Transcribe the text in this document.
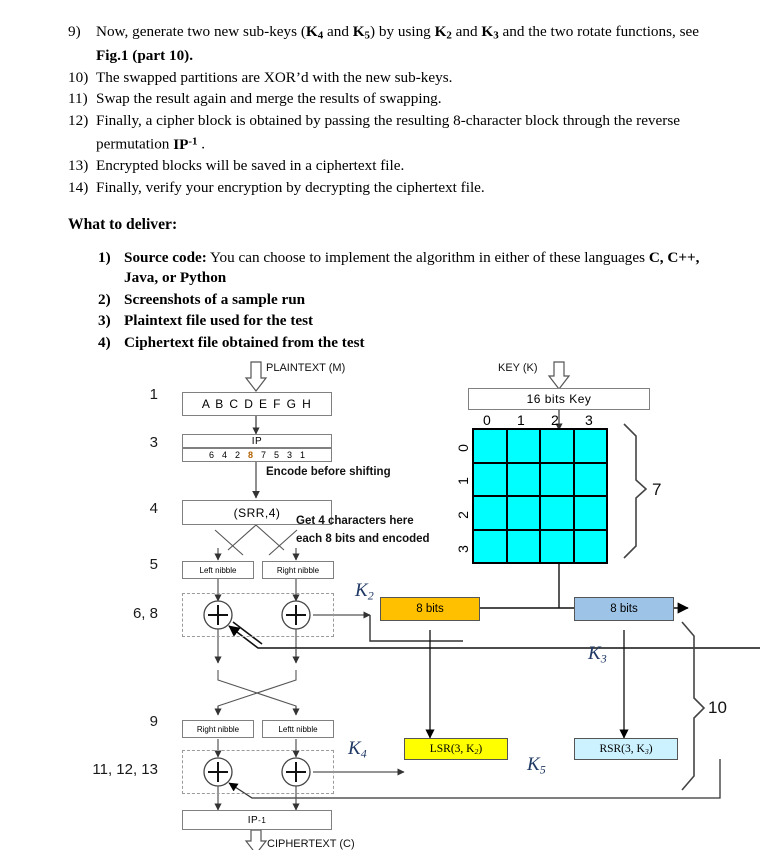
9)	Now, generate two new sub-keys ($K_4$ and $K_5$) by using $K_2$ and $K_3$ and the two rotate functions, see Fig.1 (part 10).

10) The swapped partitions are XOR’d with the new sub-keys.

11) Swap the result again and merge the results of swapping.

12) Finally, a cipher block is obtained by passing the resulting 8-character block through the reverse permutation $IP^{-1}$ .

13) Encrypted blocks will be saved in a ciphertext file.

14) Finally, verify your encryption by decrypting the ciphertext file.

What to deliver:
1) Source code: You can choose to implement the algorithm in either of these languages C, C++, Java, or Python

2) Screenshots of a sample run

3) Plaintext file used for the test

4) Ciphertext file obtained from the test

1
3
4
5
6, 8
9
11, 12, 13
PLAINTEXT (M)	KEY (K)
CIPHERTEXT (C)
A B C D E F G H
IP
6 4 2 8 7 5 3 1
Encode before shifting
(SRR,4)
Get 4 characters here
each 8 bits and encoded
Left nibble	Right nibble
$K_2$
Right nibble	Leftt nibble
$K_4$
IP -1
16 bits Key
0 1 2 3
0
1
2
3
7
10
8 bits	8 bits
$K_3$
$K_5$
LSR(3, K $_2$ )	RSR(3, K $_3$ )
